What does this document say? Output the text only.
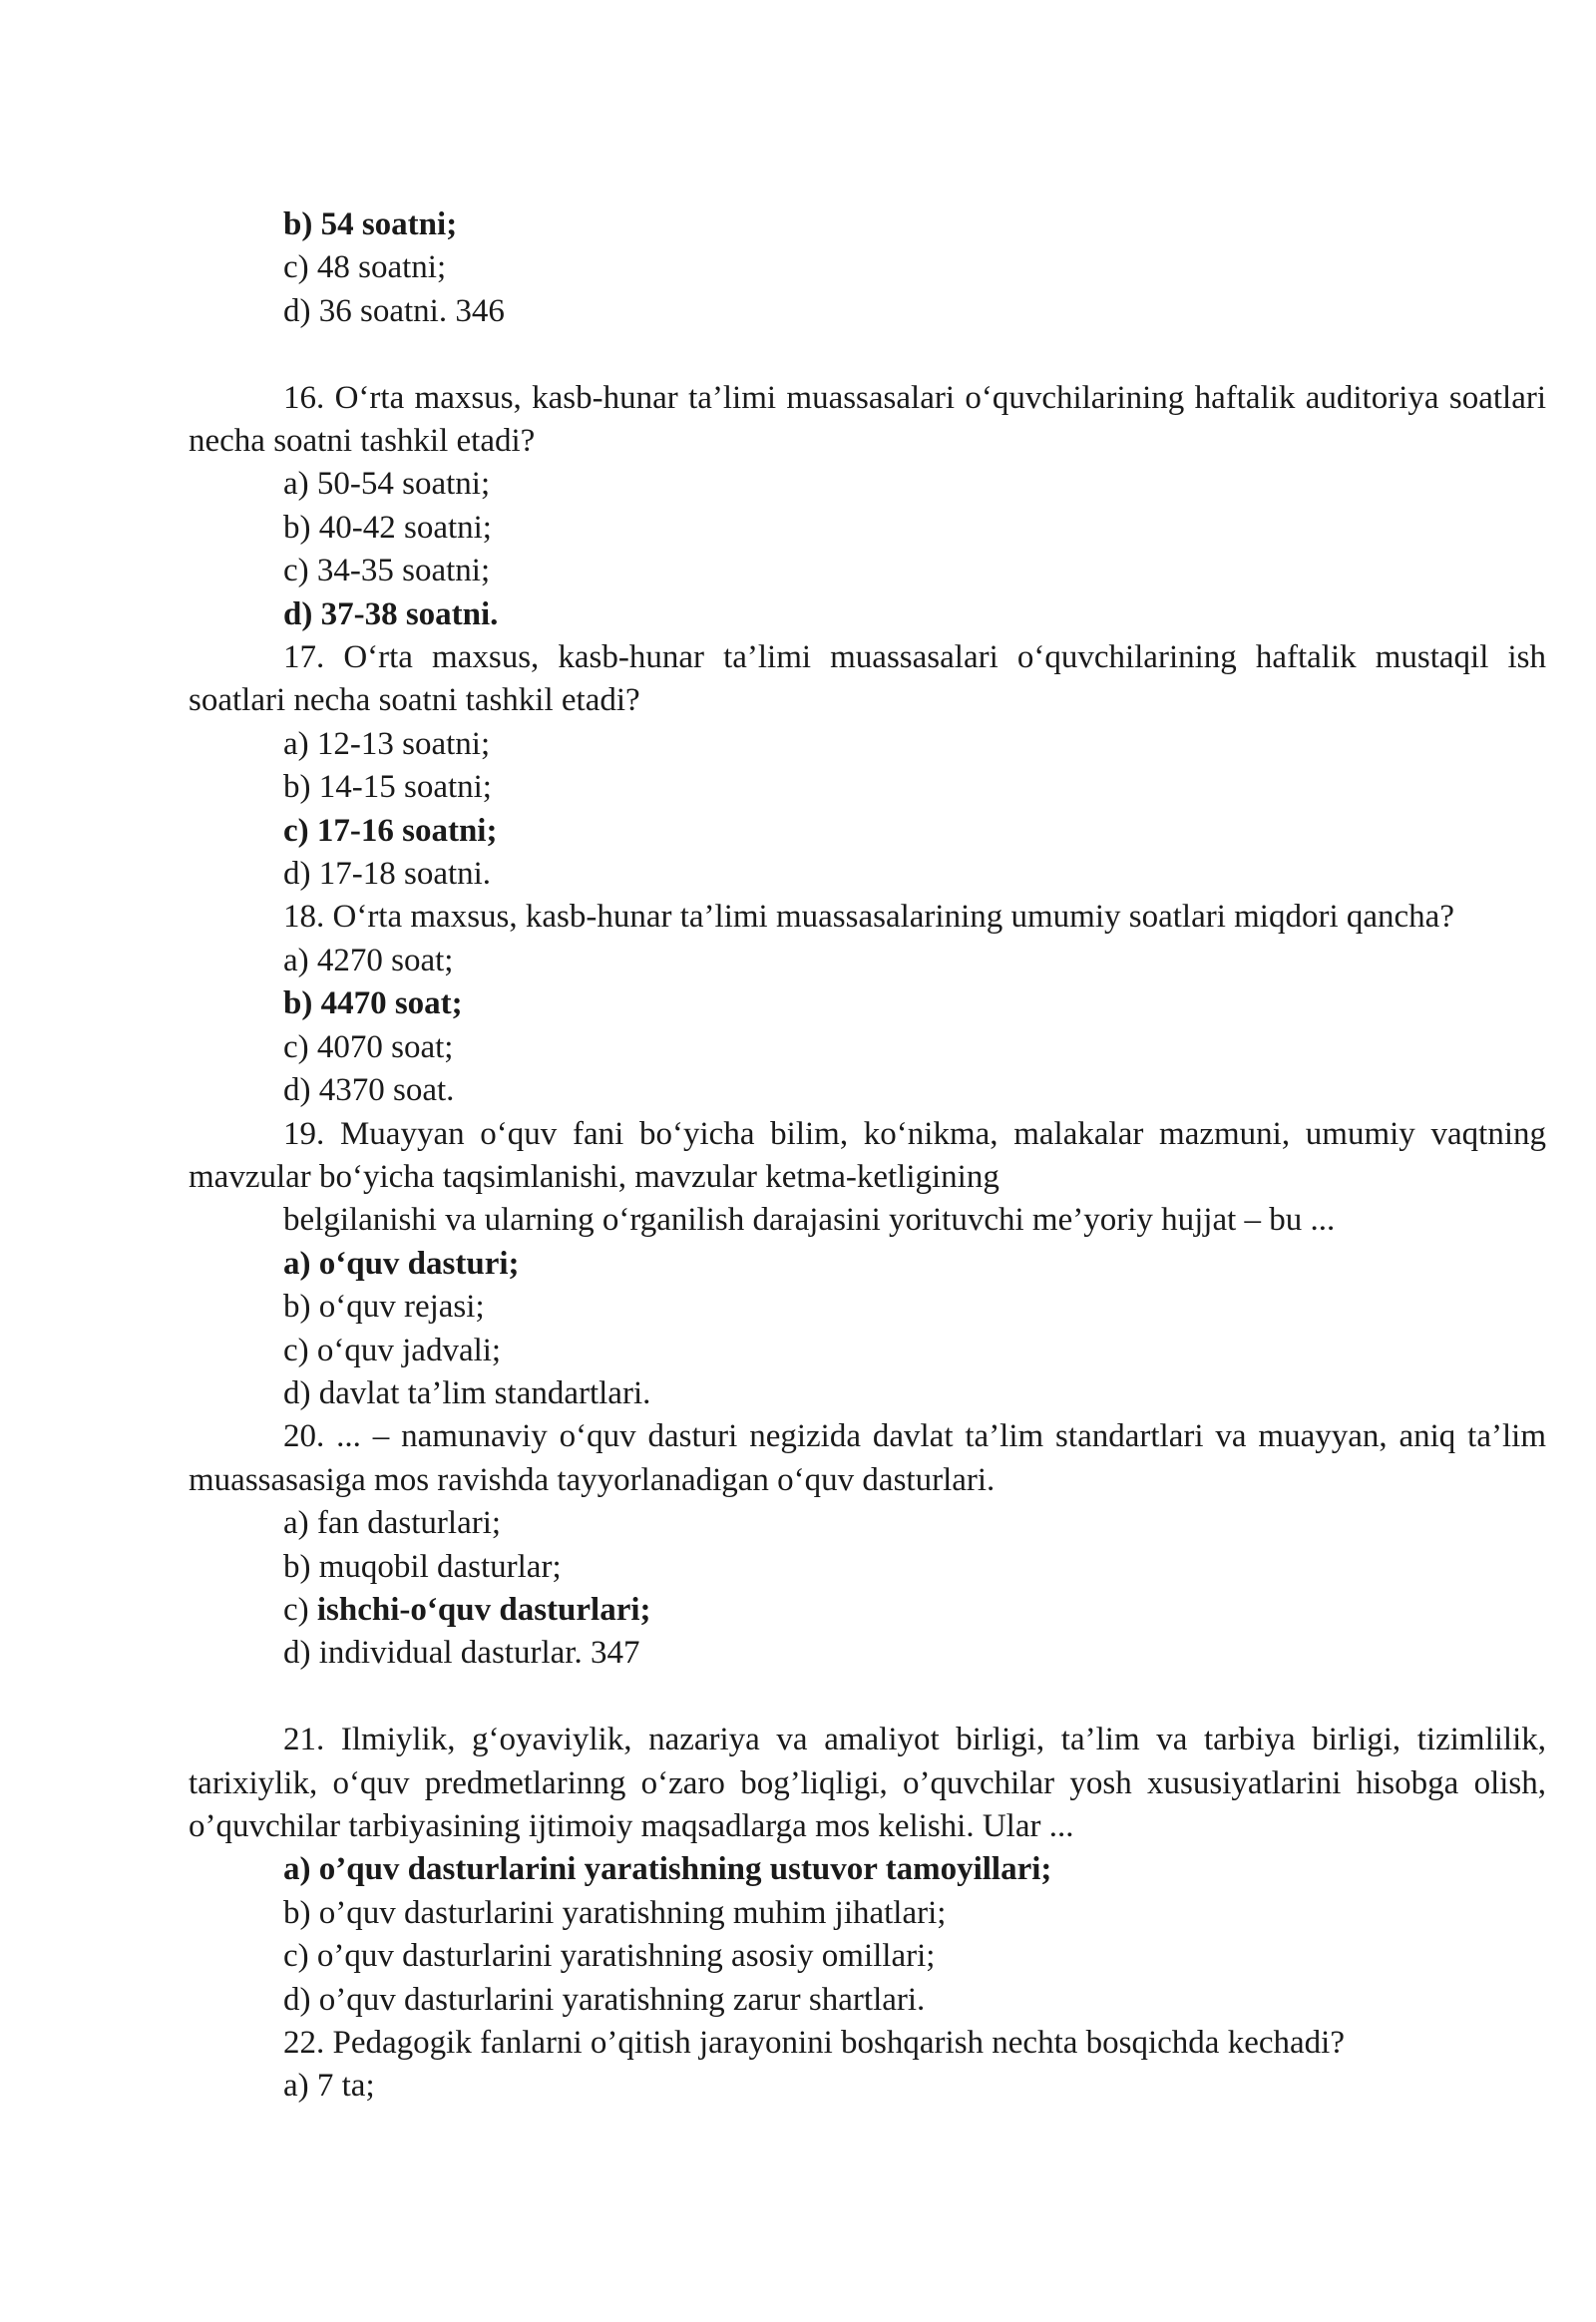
b) 54 soatni;
c) 48 soatni;
d) 36 soatni. 346
16. O‘rta maxsus, kasb-hunar ta’limi muassasalari o‘quvchilarining haftalik auditoriya soatlari necha soatni tashkil etadi?
a) 50-54 soatni;
b) 40-42 soatni;
c) 34-35 soatni;
d) 37-38 soatni.
17. O‘rta maxsus, kasb-hunar ta’limi muassasalari o‘quvchilarining haftalik mustaqil ish soatlari necha soatni tashkil etadi?
a) 12-13 soatni;
b) 14-15 soatni;
c) 17-16 soatni;
d) 17-18 soatni.
18. O‘rta maxsus, kasb-hunar ta’limi muassasalarining umumiy soatlari miqdori qancha?
a) 4270 soat;
b) 4470 soat;
c) 4070 soat;
d) 4370 soat.
19. Muayyan o‘quv fani bo‘yicha bilim, ko‘nikma, malakalar mazmuni, umumiy vaqtning mavzular bo‘yicha taqsimlanishi, mavzular ketma-ketligining
belgilanishi va ularning o‘rganilish darajasini yorituvchi me’yoriy hujjat – bu ...
a) o‘quv dasturi;
b) o‘quv rejasi;
c) o‘quv jadvali;
d) davlat ta’lim standartlari.
20. ... – namunaviy o‘quv dasturi negizida davlat ta’lim standartlari va muayyan, aniq ta’lim muassasasiga mos ravishda tayyorlanadigan o‘quv dasturlari.
a) fan dasturlari;
b) muqobil dasturlar;
c) ishchi-o‘quv dasturlari;
d) individual dasturlar. 347
21. Ilmiylik, g‘oyaviylik, nazariya va amaliyot birligi, ta’lim va tarbiya birligi, tizimlilik, tarixiylik, o‘quv predmetlarinng o‘zaro bog’liqligi, o’quvchilar yosh xususiyatlarini hisobga olish, o’quvchilar tarbiyasining ijtimoiy maqsadlarga mos kelishi. Ular ...
a) o’quv dasturlarini yaratishning ustuvor tamoyillari;
b) o’quv dasturlarini yaratishning muhim jihatlari;
c) o’quv dasturlarini yaratishning asosiy omillari;
d) o’quv dasturlarini yaratishning zarur shartlari.
22. Pedagogik fanlarni o’qitish jarayonini boshqarish nechta bosqichda kechadi?
a) 7 ta;
